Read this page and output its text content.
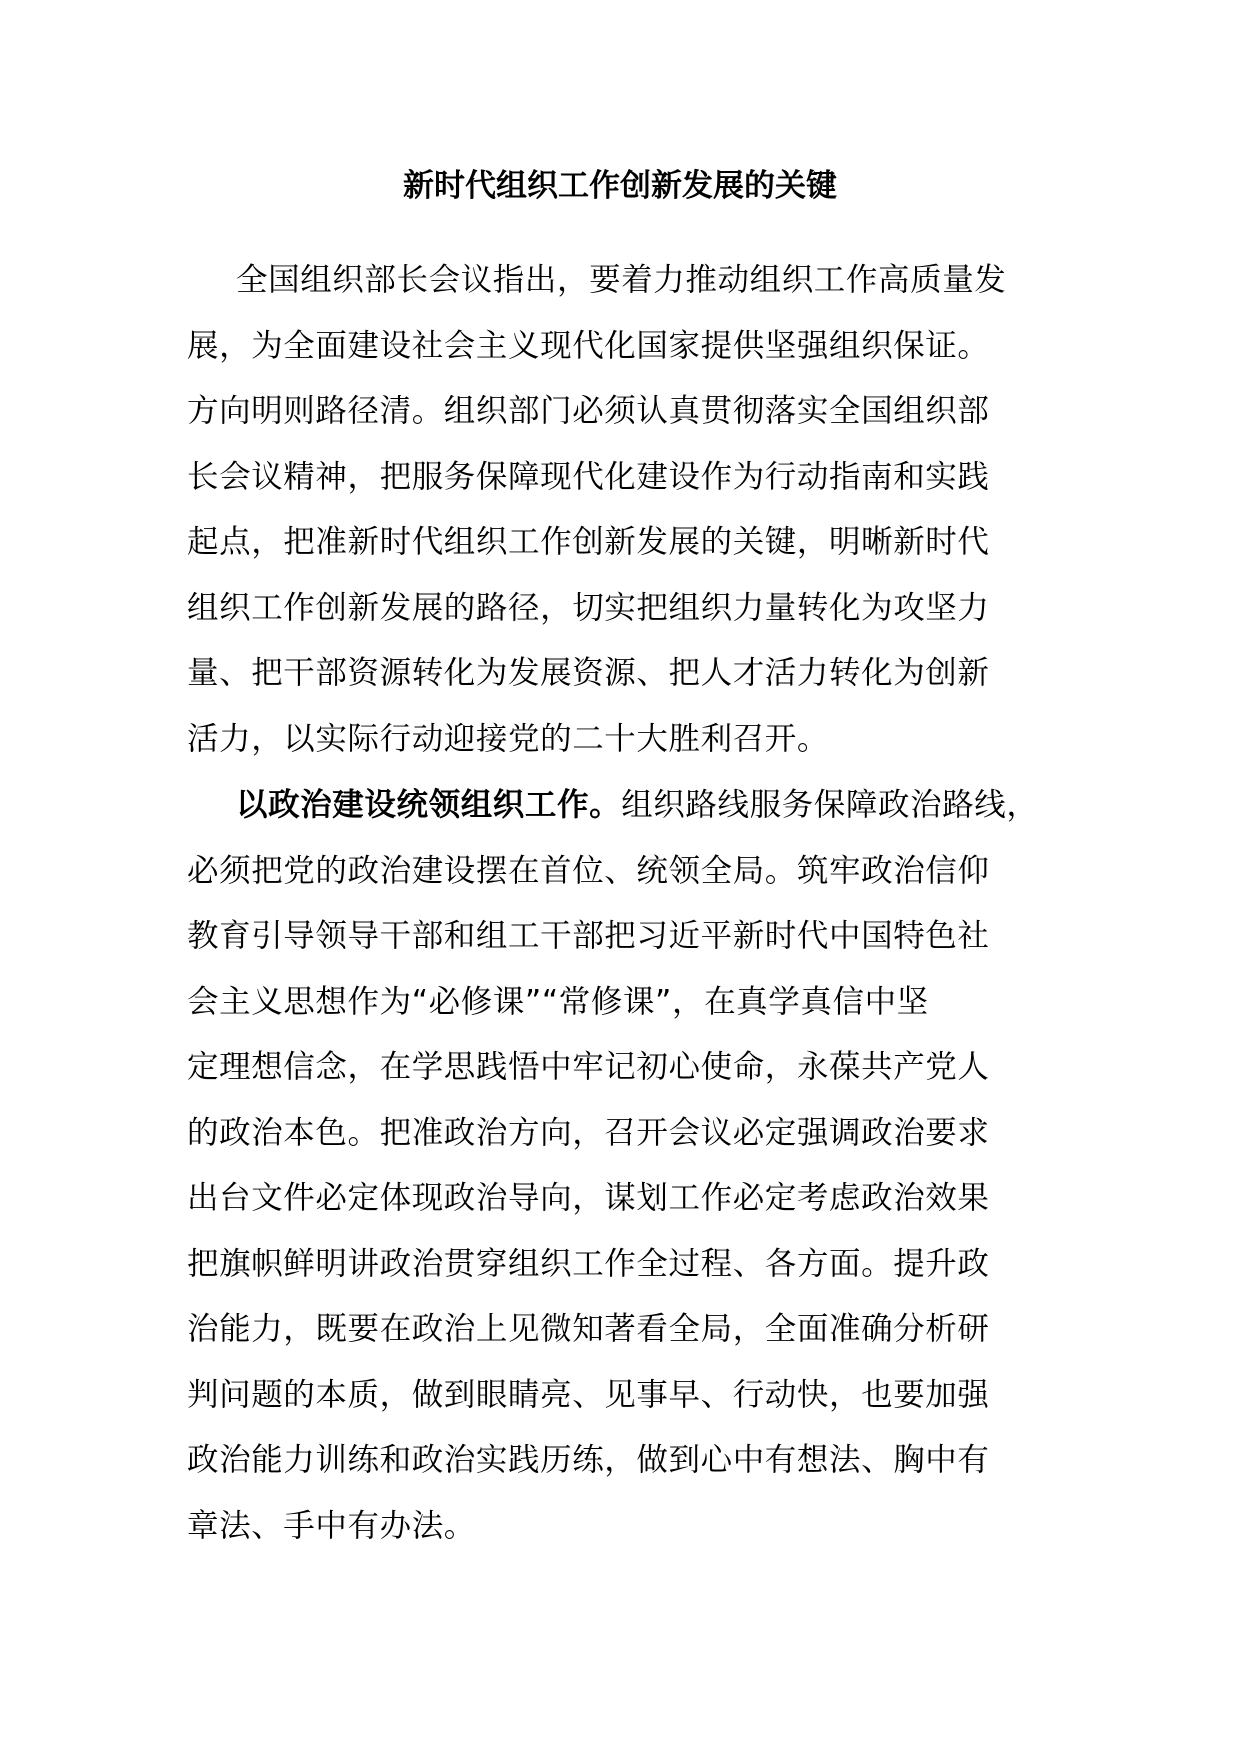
新时代组织工作创新发展的关键
全国组织部长会议指出，要着力推动组织工作高质量发
展，为全面建设社会主义现代化国家提供坚强组织保证。
方向明则路径清。组织部门必须认真贯彻落实全国组织部
长会议精神，把服务保障现代化建设作为行动指南和实践
起点，把准新时代组织工作创新发展的关键，明晰新时代
组织工作创新发展的路径，切实把组织力量转化为攻坚力
量、把干部资源转化为发展资源、把人才活力转化为创新
活力，以实际行动迎接党的二十大胜利召开。
以政治建设统领组织工作。组织路线服务保障政治路线，
必须把党的政治建设摆在首位、统领全局。筑牢政治信仰
教育引导领导干部和组工干部把习近平新时代中国特色社
会主义思想作为“必修课”“常修课”，在真学真信中坚
定理想信念，在学思践悟中牢记初心使命，永葆共产党人
的政治本色。把准政治方向，召开会议必定强调政治要求
出台文件必定体现政治导向，谋划工作必定考虑政治效果
把旗帜鲜明讲政治贯穿组织工作全过程、各方面。提升政
治能力，既要在政治上见微知著看全局，全面准确分析研
判问题的本质，做到眼睛亮、见事早、行动快，也要加强
政治能力训练和政治实践历练，做到心中有想法、胸中有
章法、手中有办法。
